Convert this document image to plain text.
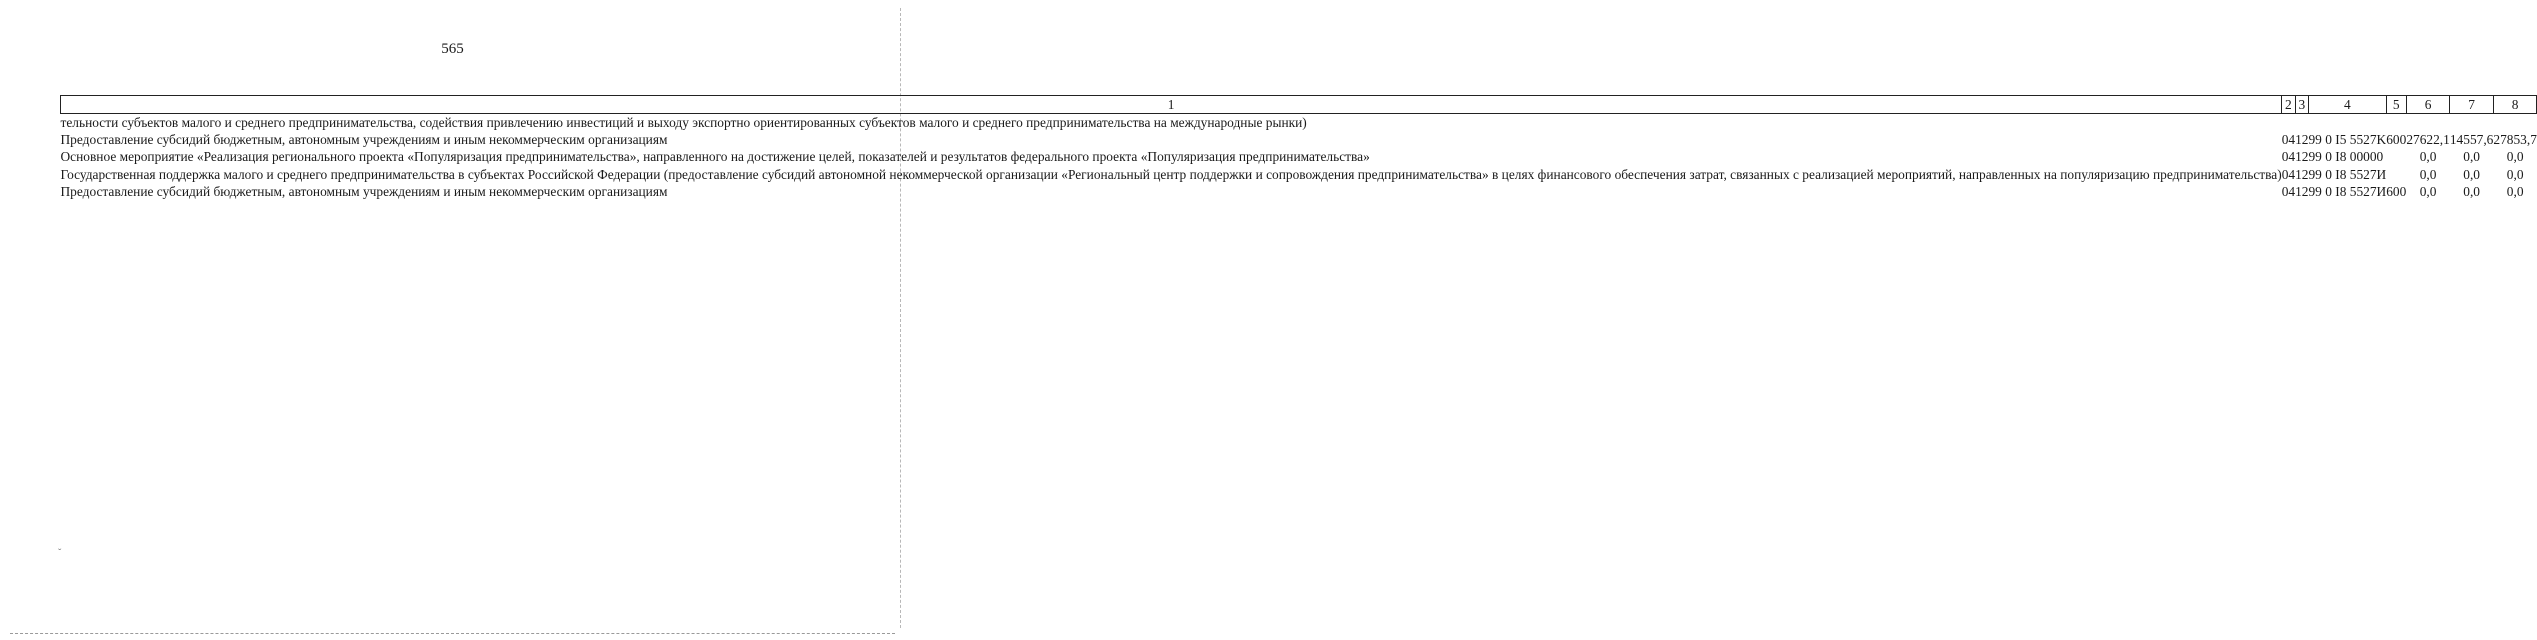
ˇ
565
1	2	3	4	5	6	7	8
тельности субъектов малого и среднего предпринимательства, содействия привлечению инвестиций и выходу экспортно ориентированных субъектов малого и среднего предпринимательства на международные рынки)							
Предоставление субсидий бюджетным, автономным учреждениям и иным некоммерческим организациям	04	12	99 0 I5 5527K	600	27622,1	14557,6	27853,7
Основное мероприятие «Реализация регионального проекта «Популяризация предпринимательства», направленного на достижение целей, показателей и результатов федерального проекта «Популяризация предпринимательства»	04	12	99 0 I8 00000		0,0	0,0	0,0
Государственная поддержка малого и среднего предпринимательства в субъектах Российской Федерации (предоставление субсидий автономной некоммерческой организации «Региональный центр поддержки и сопровождения предпринимательства» в целях финансового обеспечения затрат, связанных с реализацией мероприятий, направленных на популяризацию предпринимательства)	04	12	99 0 I8 5527И		0,0	0,0	0,0
Предоставление субсидий бюджетным, автономным учреждениям и иным некоммерческим организациям	04	12	99 0 I8 5527И	600	0,0	0,0	0,0
